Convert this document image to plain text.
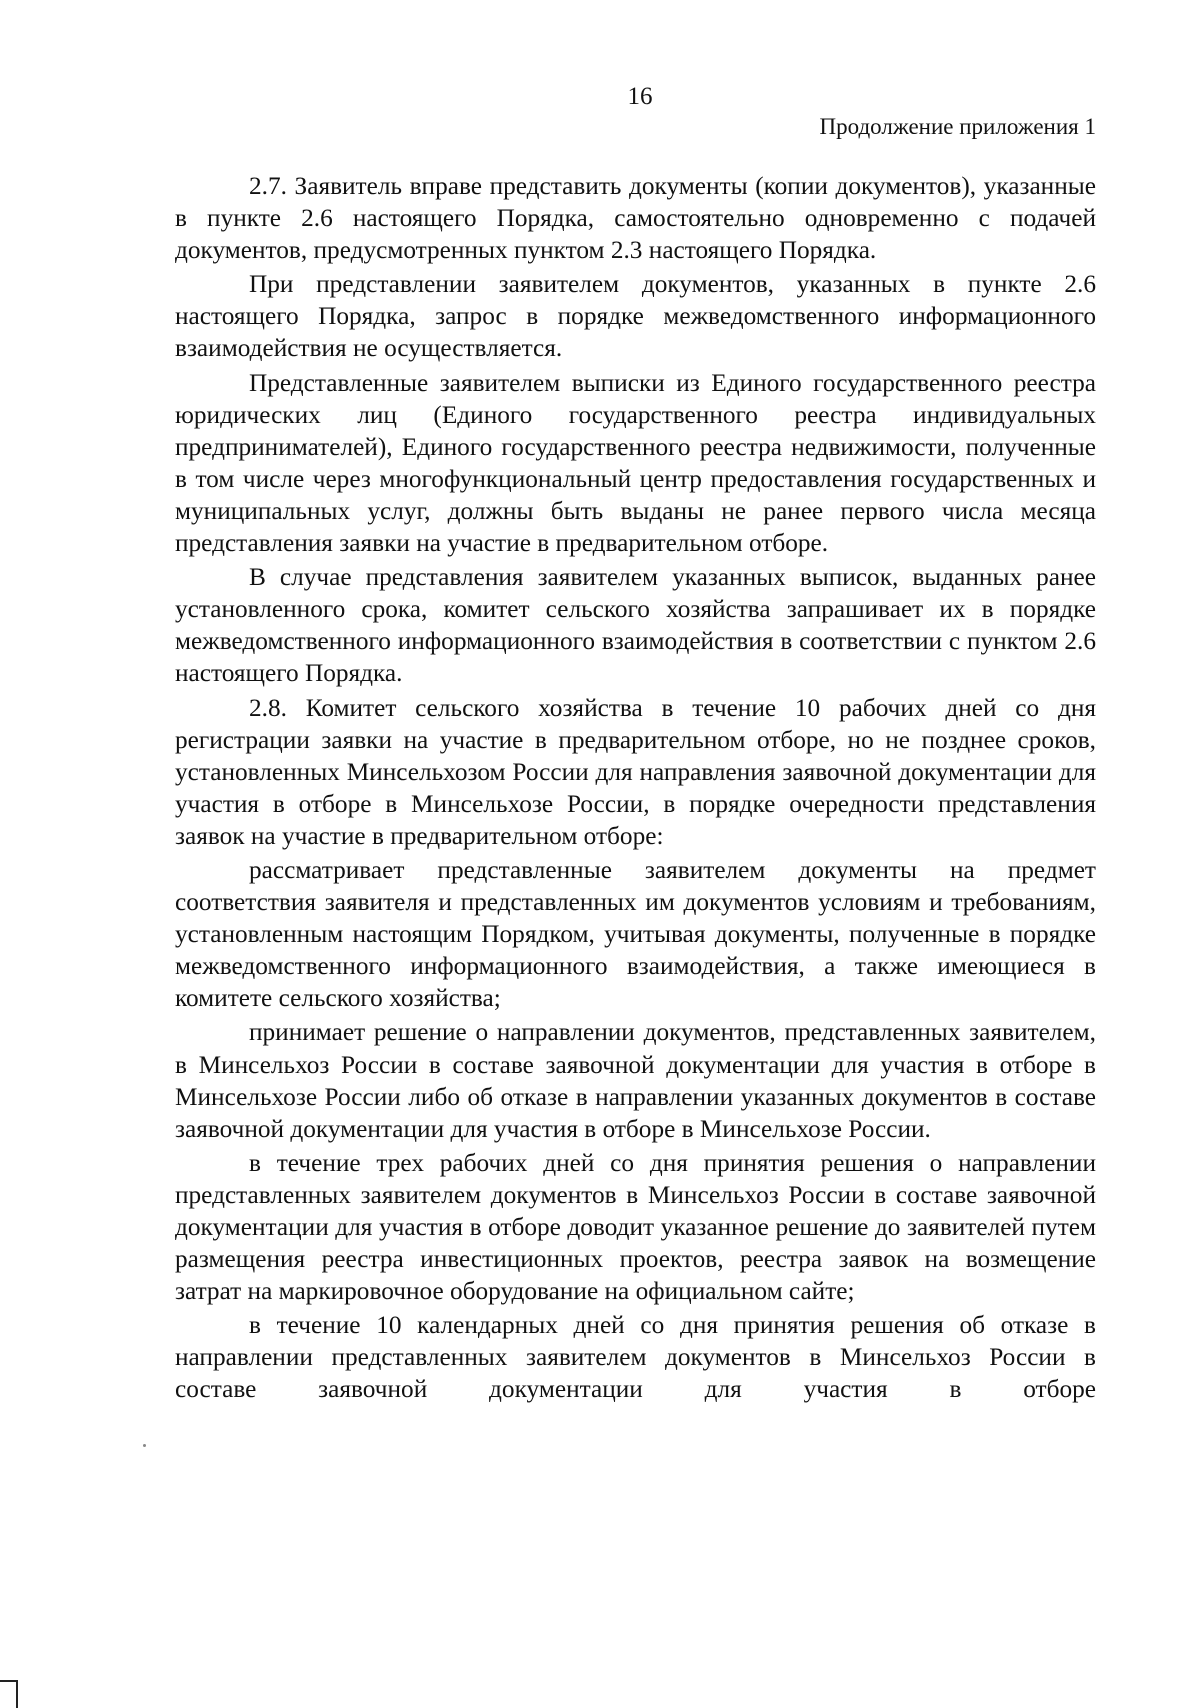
16
Продолжение приложения 1

2.7. Заявитель вправе представить документы (копии документов), указанные в пункте 2.6 настоящего Порядка, самостоятельно одновременно с подачей документов, предусмотренных пунктом 2.3 настоящего Порядка.

При представлении заявителем документов, указанных в пункте 2.6 настоящего Порядка, запрос в порядке межведомственного информационного взаимодействия не осуществляется.

Представленные заявителем выписки из Единого государственного реестра юридических лиц (Единого государственного реестра индивидуальных предпринимателей), Единого государственного реестра недвижимости, полученные в том числе через многофункциональный центр предоставления государственных и муниципальных услуг, должны быть выданы не ранее первого числа месяца представления заявки на участие в предварительном отборе.

В случае представления заявителем указанных выписок, выданных ранее установленного срока, комитет сельского хозяйства запрашивает их в порядке межведомственного информационного взаимодействия в соответствии с пунктом 2.6 настоящего Порядка.

2.8. Комитет сельского хозяйства в течение 10 рабочих дней со дня регистрации заявки на участие в предварительном отборе, но не позднее сроков, установленных Минсельхозом России для направления заявочной документации для участия в отборе в Минсельхозе России, в порядке очередности представления заявок на участие в предварительном отборе:

рассматривает представленные заявителем документы на предмет соответствия заявителя и представленных им документов условиям и требованиям, установленным настоящим Порядком, учитывая документы, полученные в порядке межведомственного информационного взаимодействия, а также имеющиеся в комитете сельского хозяйства;

принимает решение о направлении документов, представленных заявителем, в Минсельхоз России в составе заявочной документации для участия в отборе в Минсельхозе России либо об отказе в направлении указанных документов в составе заявочной документации для участия в отборе в Минсельхозе России.

в течение трех рабочих дней со дня принятия решения о направлении представленных заявителем документов в Минсельхоз России в составе заявочной документации для участия в отборе доводит указанное решение до заявителей путем размещения реестра инвестиционных проектов, реестра заявок на возмещение затрат на маркировочное оборудование на официальном сайте;

в течение 10 календарных дней со дня принятия решения об отказе в направлении представленных заявителем документов в Минсельхоз России в составе заявочной документации для участия в отборе
